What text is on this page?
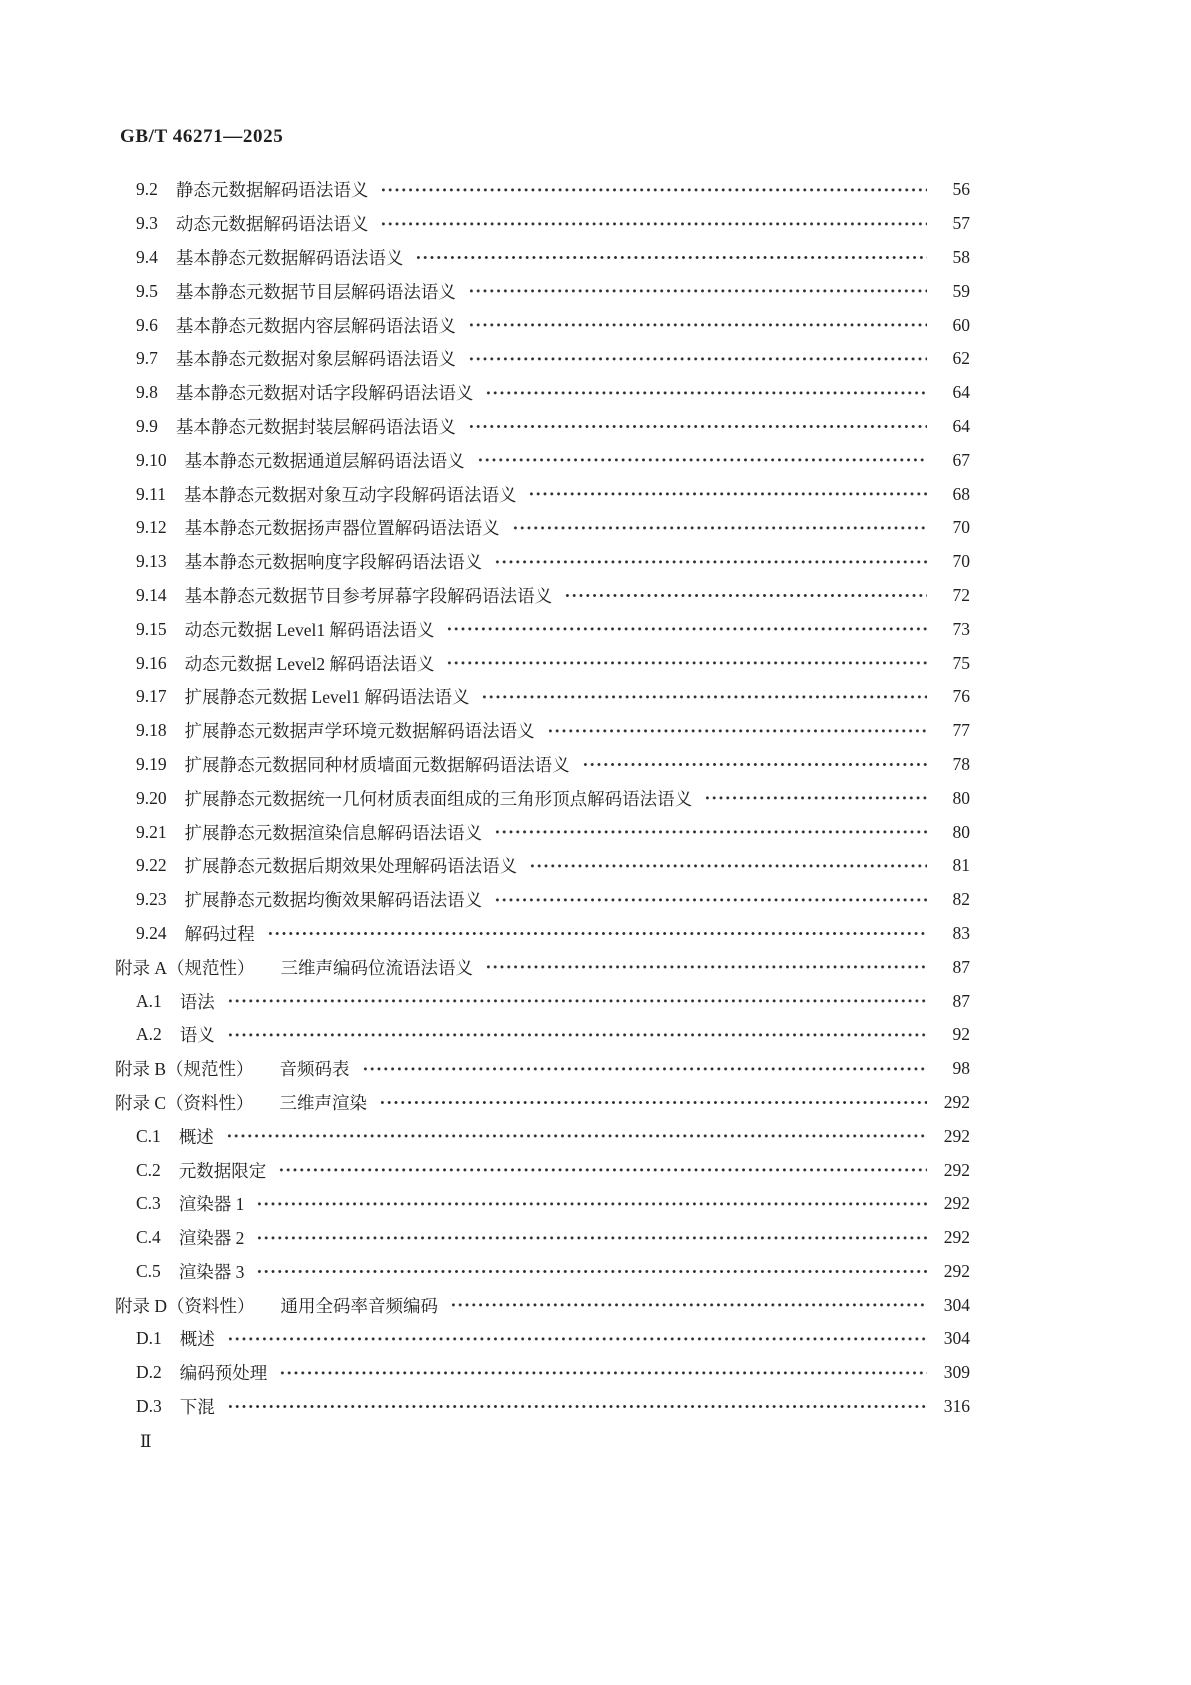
GB/T 46271—2025
9.2 静态元数据解码语法语义	56
9.3 动态元数据解码语法语义	57
9.4 基本静态元数据解码语法语义	58
9.5 基本静态元数据节目层解码语法语义	59
9.6 基本静态元数据内容层解码语法语义	60
9.7 基本静态元数据对象层解码语法语义	62
9.8 基本静态元数据对话字段解码语法语义	64
9.9 基本静态元数据封装层解码语法语义	64
9.10 基本静态元数据通道层解码语法语义	67
9.11 基本静态元数据对象互动字段解码语法语义	68
9.12 基本静态元数据扬声器位置解码语法语义	70
9.13 基本静态元数据响度字段解码语法语义	70
9.14 基本静态元数据节目参考屏幕字段解码语法语义	72
9.15 动态元数据 Level1 解码语法语义	73
9.16 动态元数据 Level2 解码语法语义	75
9.17 扩展静态元数据 Level1 解码语法语义	76
9.18 扩展静态元数据声学环境元数据解码语法语义	77
9.19 扩展静态元数据同种材质墙面元数据解码语法语义	78
9.20 扩展静态元数据统一几何材质表面组成的三角形顶点解码语法语义	80
9.21 扩展静态元数据渲染信息解码语法语义	80
9.22 扩展静态元数据后期效果处理解码语法语义	81
9.23 扩展静态元数据均衡效果解码语法语义	82
9.24 解码过程	83
附录 A（规范性） 三维声编码位流语法语义	87
A.1 语法	87
A.2 语义	92
附录 B（规范性） 音频码表	98
附录 C（资料性） 三维声渲染	292
C.1 概述	292
C.2 元数据限定	292
C.3 渲染器 1	292
C.4 渲染器 2	292
C.5 渲染器 3	292
附录 D（资料性） 通用全码率音频编码	304
D.1 概述	304
D.2 编码预处理	309
D.3 下混	316
Ⅱ
